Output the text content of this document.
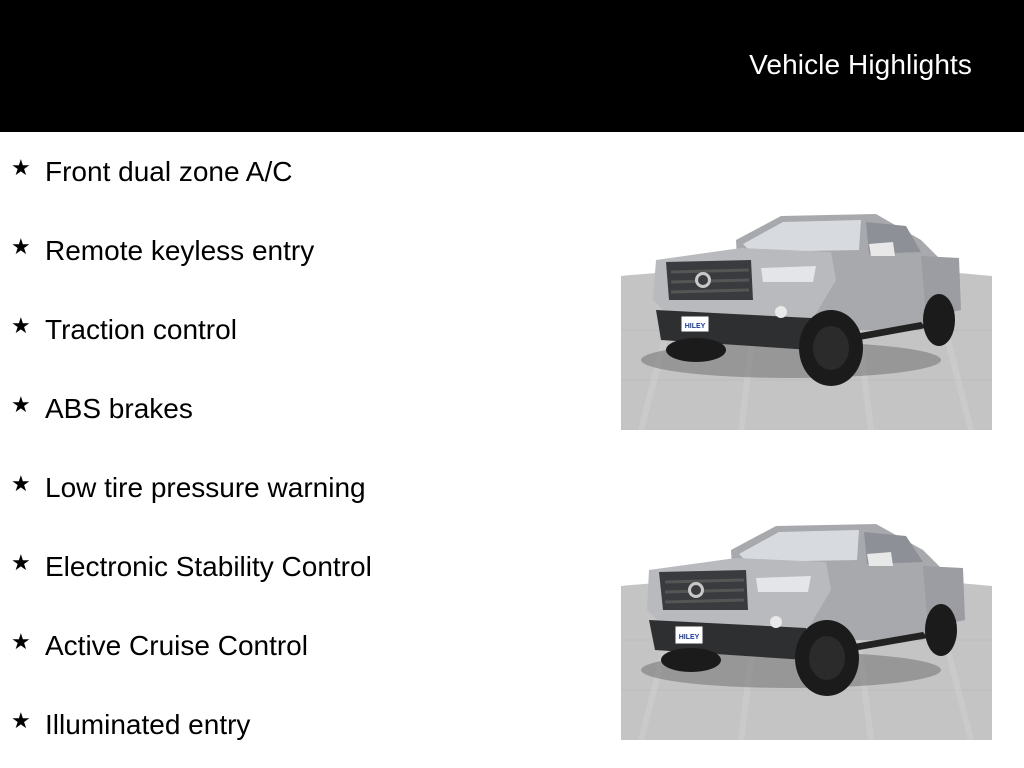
Vehicle Highlights
★ Front dual zone A/C
★ Remote keyless entry
★ Traction control
★ ABS brakes
★ Low tire pressure warning
★ Electronic Stability Control
★ Active Cruise Control
★ Illuminated entry
HILEY
HILEY
